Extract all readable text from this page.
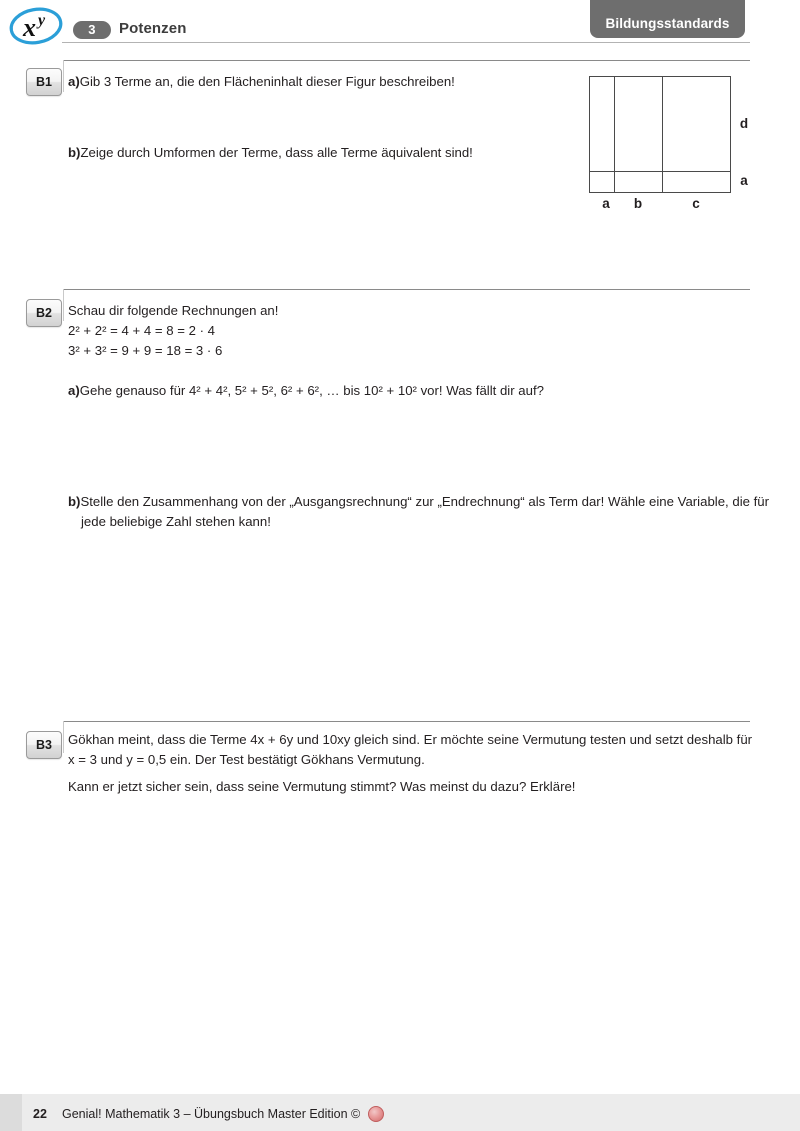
x y
3	Potenzen	Bildungsstandards
B1	a)Gib 3 Terme an, die den Flächeninhalt dieser Figur beschreiben!
b)Zeige durch Umformen der Terme, dass alle Terme äquivalent sind!
a	b	c
d
a
B2	Schau dir folgende Rechnungen an!
2² + 2² = 4 + 4 = 8 = 2 · 4
3² + 3² = 9 + 9 = 18 = 3 · 6
a)Gehe genauso für 4² + 4², 5² + 5², 6² + 6², … bis 10² + 10² vor! Was fällt dir auf?
b)Stelle den Zusammenhang von der „Ausgangsrechnung“ zur „Endrechnung“ als Term dar! Wähle eine Variable, die für jede beliebige Zahl stehen kann!
B3	Gökhan meint, dass die Terme 4x + 6y und 10xy gleich sind. Er möchte seine Vermutung testen und setzt deshalb für x = 3 und y = 0,5 ein. Der Test bestätigt Gökhans Vermutung.
Kann er jetzt sicher sein, dass seine Vermutung stimmt? Was meinst du dazu? Erkläre!
22 Genial! Mathematik 3 – Übungsbuch Master Edition ©
